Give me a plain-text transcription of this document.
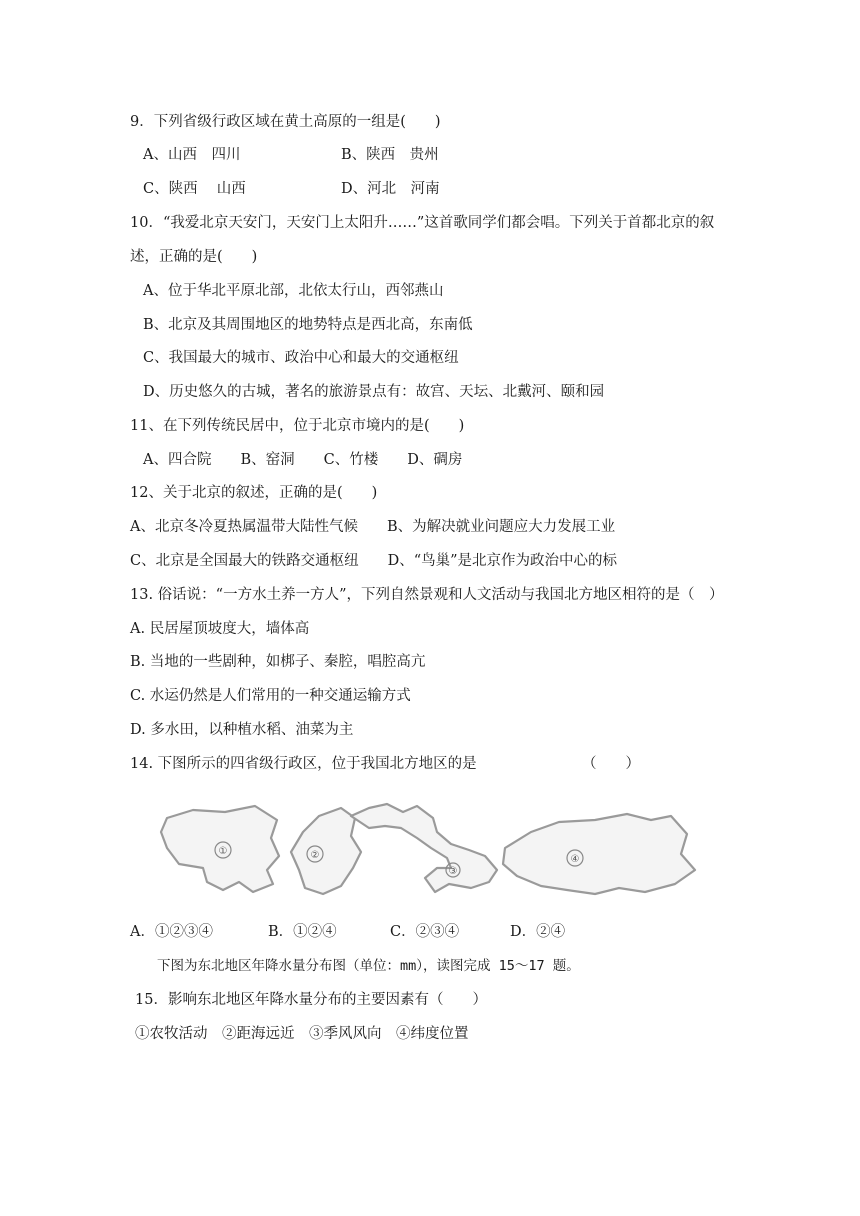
9．下列省级行政区域在黄土高原的一组是(　　)
A、山西　四川	B、陕西　贵州
C、陕西　 山西	D、河北　河南
10．“我爱北京天安门，天安门上太阳升……”这首歌同学们都会唱。下列关于首都北京的叙
述，正确的是(　　)
A、位于华北平原北部，北依太行山，西邻燕山
B、北京及其周围地区的地势特点是西北高，东南低
C、我国最大的城市、政治中心和最大的交通枢纽
D、历史悠久的古城，著名的旅游景点有：故宫、天坛、北戴河、颐和园
11、在下列传统民居中，位于北京市境内的是(　　)
A、四合院　　B、窑洞　　C、竹楼　　D、碉房
12、关于北京的叙述，正确的是(　　)
A、北京冬冷夏热属温带大陆性气候　　B、为解决就业问题应大力发展工业
C、北京是全国最大的铁路交通枢纽　　D、“鸟巢”是北京作为政治中心的标
13. 俗话说：“一方水土养一方人”，下列自然景观和人文活动与我国北方地区相符的是（　）
A. 民居屋顶坡度大，墙体高
B. 当地的一些剧种，如梆子、秦腔，唱腔高亢
C. 水运仍然是人们常用的一种交通运输方式
D. 多水田，以种植水稻、油菜为主
14. 下图所示的四省级行政区，位于我国北方地区的是	（　　）
①	②
③
④
A．①②③④	B．①②④	C．②③④	D．②④
下图为东北地区年降水量分布图（单位：mm），读图完成 15～17 题。
15．影响东北地区年降水量分布的主要因素有（　　）
①农牧活动　②距海远近　③季风风向　④纬度位置
